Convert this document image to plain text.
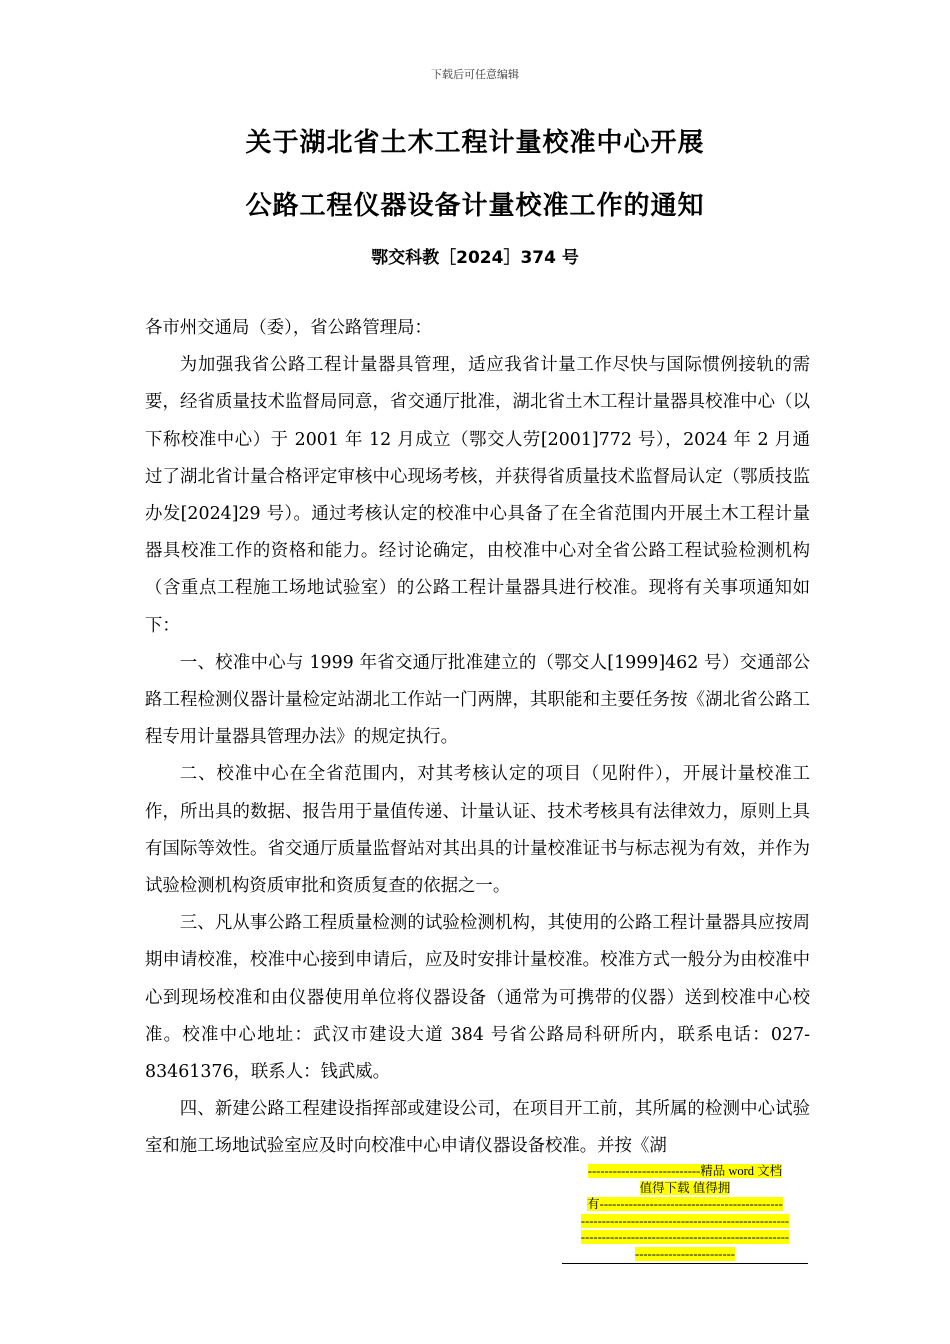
下载后可任意编辑
关于湖北省土木工程计量校准中心开展
公路工程仪器设备计量校准工作的通知
鄂交科教［2024］374 号

各市州交通局（委），省公路管理局：

为加强我省公路工程计量器具管理，适应我省计量工作尽快与国际惯例接轨的需要，经省质量技术监督局同意，省交通厅批准，湖北省土木工程计量器具校准中心（以下称校准中心）于 2001 年 12 月成立（鄂交人劳[2001]772 号），2024 年 2 月通过了湖北省计量合格评定审核中心现场考核，并获得省质量技术监督局认定（鄂质技监办发[2024]29 号）。通过考核认定的校准中心具备了在全省范围内开展土木工程计量器具校准工作的资格和能力。经讨论确定，由校准中心对全省公路工程试验检测机构（含重点工程施工场地试验室）的公路工程计量器具进行校准。现将有关事项通知如下：

一、校准中心与 1999 年省交通厅批准建立的（鄂交人[1999]462 号）交通部公路工程检测仪器计量检定站湖北工作站一门两牌，其职能和主要任务按《湖北省公路工程专用计量器具管理办法》的规定执行。

二、校准中心在全省范围内，对其考核认定的项目（见附件），开展计量校准工作，所出具的数据、报告用于量值传递、计量认证、技术考核具有法律效力，原则上具有国际等效性。省交通厅质量监督站对其出具的计量校准证书与标志视为有效，并作为试验检测机构资质审批和资质复查的依据之一。

三、凡从事公路工程质量检测的试验检测机构，其使用的公路工程计量器具应按周期申请校准，校准中心接到申请后，应及时安排计量校准。校准方式一般分为由校准中心到现场校准和由仪器使用单位将仪器设备（通常为可携带的仪器）送到校准中心校准。校准中心地址：武汉市建设大道 384 号省公路局科研所内，联系电话：027-83461376，联系人：钱武威。

四、新建公路工程建设指挥部或建设公司，在项目开工前，其所属的检测中心试验室和施工场地试验室应及时向校准中心申请仪器设备校准。并按《湖

---------------------------精品 word 文档
值得下载 值得拥
有--------------------------------------------
--------------------------------------------------
--------------------------------------------------
------------------------
